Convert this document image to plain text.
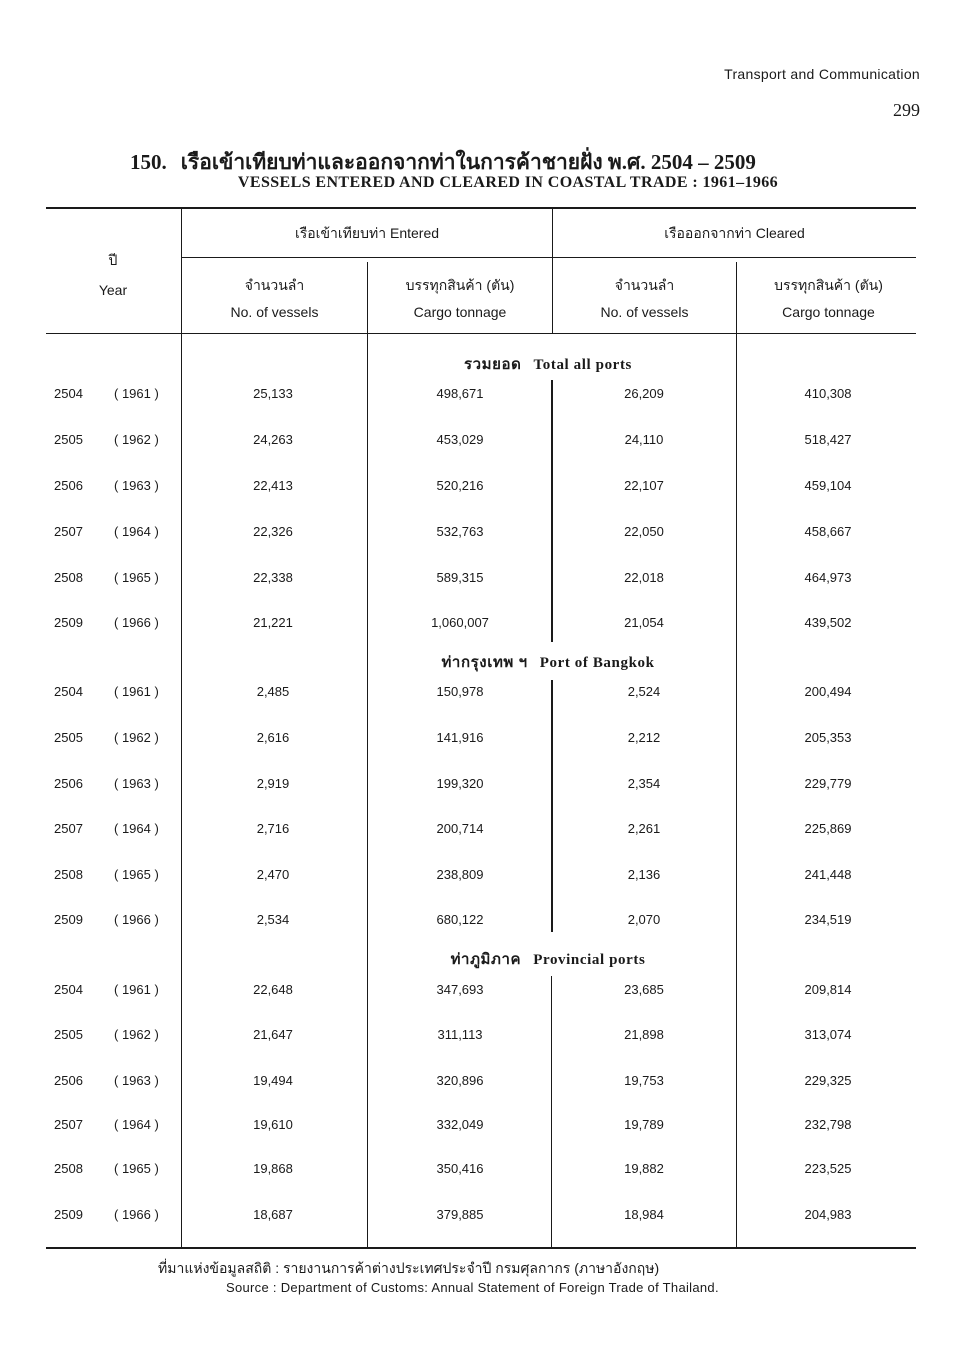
Transport and Communication
299
150. เรือเข้าเทียบท่าและออกจากท่าในการค้าชายฝั่ง พ.ศ. 2504 – 2509
VESSELS ENTERED AND CLEARED IN COASTAL TRADE : 1961–1966
ปี
Year
เรือเข้าเทียบท่า Entered	เรือออกจากท่า Cleared
จำนวนลำ
No. of vessels
บรรทุกสินค้า (ตัน)
Cargo tonnage
จำนวนลำ
No. of vessels
บรรทุกสินค้า (ตัน)
Cargo tonnage
รวมยอด Total all ports
2504 ( 1961 )	25,133	498,671	26,209	410,308
2505 ( 1962 )	24,263	453,029	24,110	518,427
2506 ( 1963 )	22,413	520,216	22,107	459,104
2507 ( 1964 )	22,326	532,763	22,050	458,667
2508 ( 1965 )	22,338	589,315	22,018	464,973
2509 ( 1966 )	21,221	1,060,007	21,054	439,502
ท่ากรุงเทพ ฯ Port of Bangkok
2504 ( 1961 )	2,485	150,978	2,524	200,494
2505 ( 1962 )	2,616	141,916	2,212	205,353
2506 ( 1963 )	2,919	199,320	2,354	229,779
2507 ( 1964 )	2,716	200,714	2,261	225,869
2508 ( 1965 )	2,470	238,809	2,136	241,448
2509 ( 1966 )	2,534	680,122	2,070	234,519
ท่าภูมิภาค Provincial ports
2504 ( 1961 )	22,648	347,693	23,685	209,814
2505 ( 1962 )	21,647	311,113	21,898	313,074
2506 ( 1963 )	19,494	320,896	19,753	229,325
2507 ( 1964 )	19,610	332,049	19,789	232,798
2508 ( 1965 )	19,868	350,416	19,882	223,525
2509 ( 1966 )	18,687	379,885	18,984	204,983
ที่มาแห่งข้อมูลสถิติ : รายงานการค้าต่างประเทศประจำปี กรมศุลกากร (ภาษาอังกฤษ)
Source : Department of Customs: Annual Statement of Foreign Trade of Thailand.
